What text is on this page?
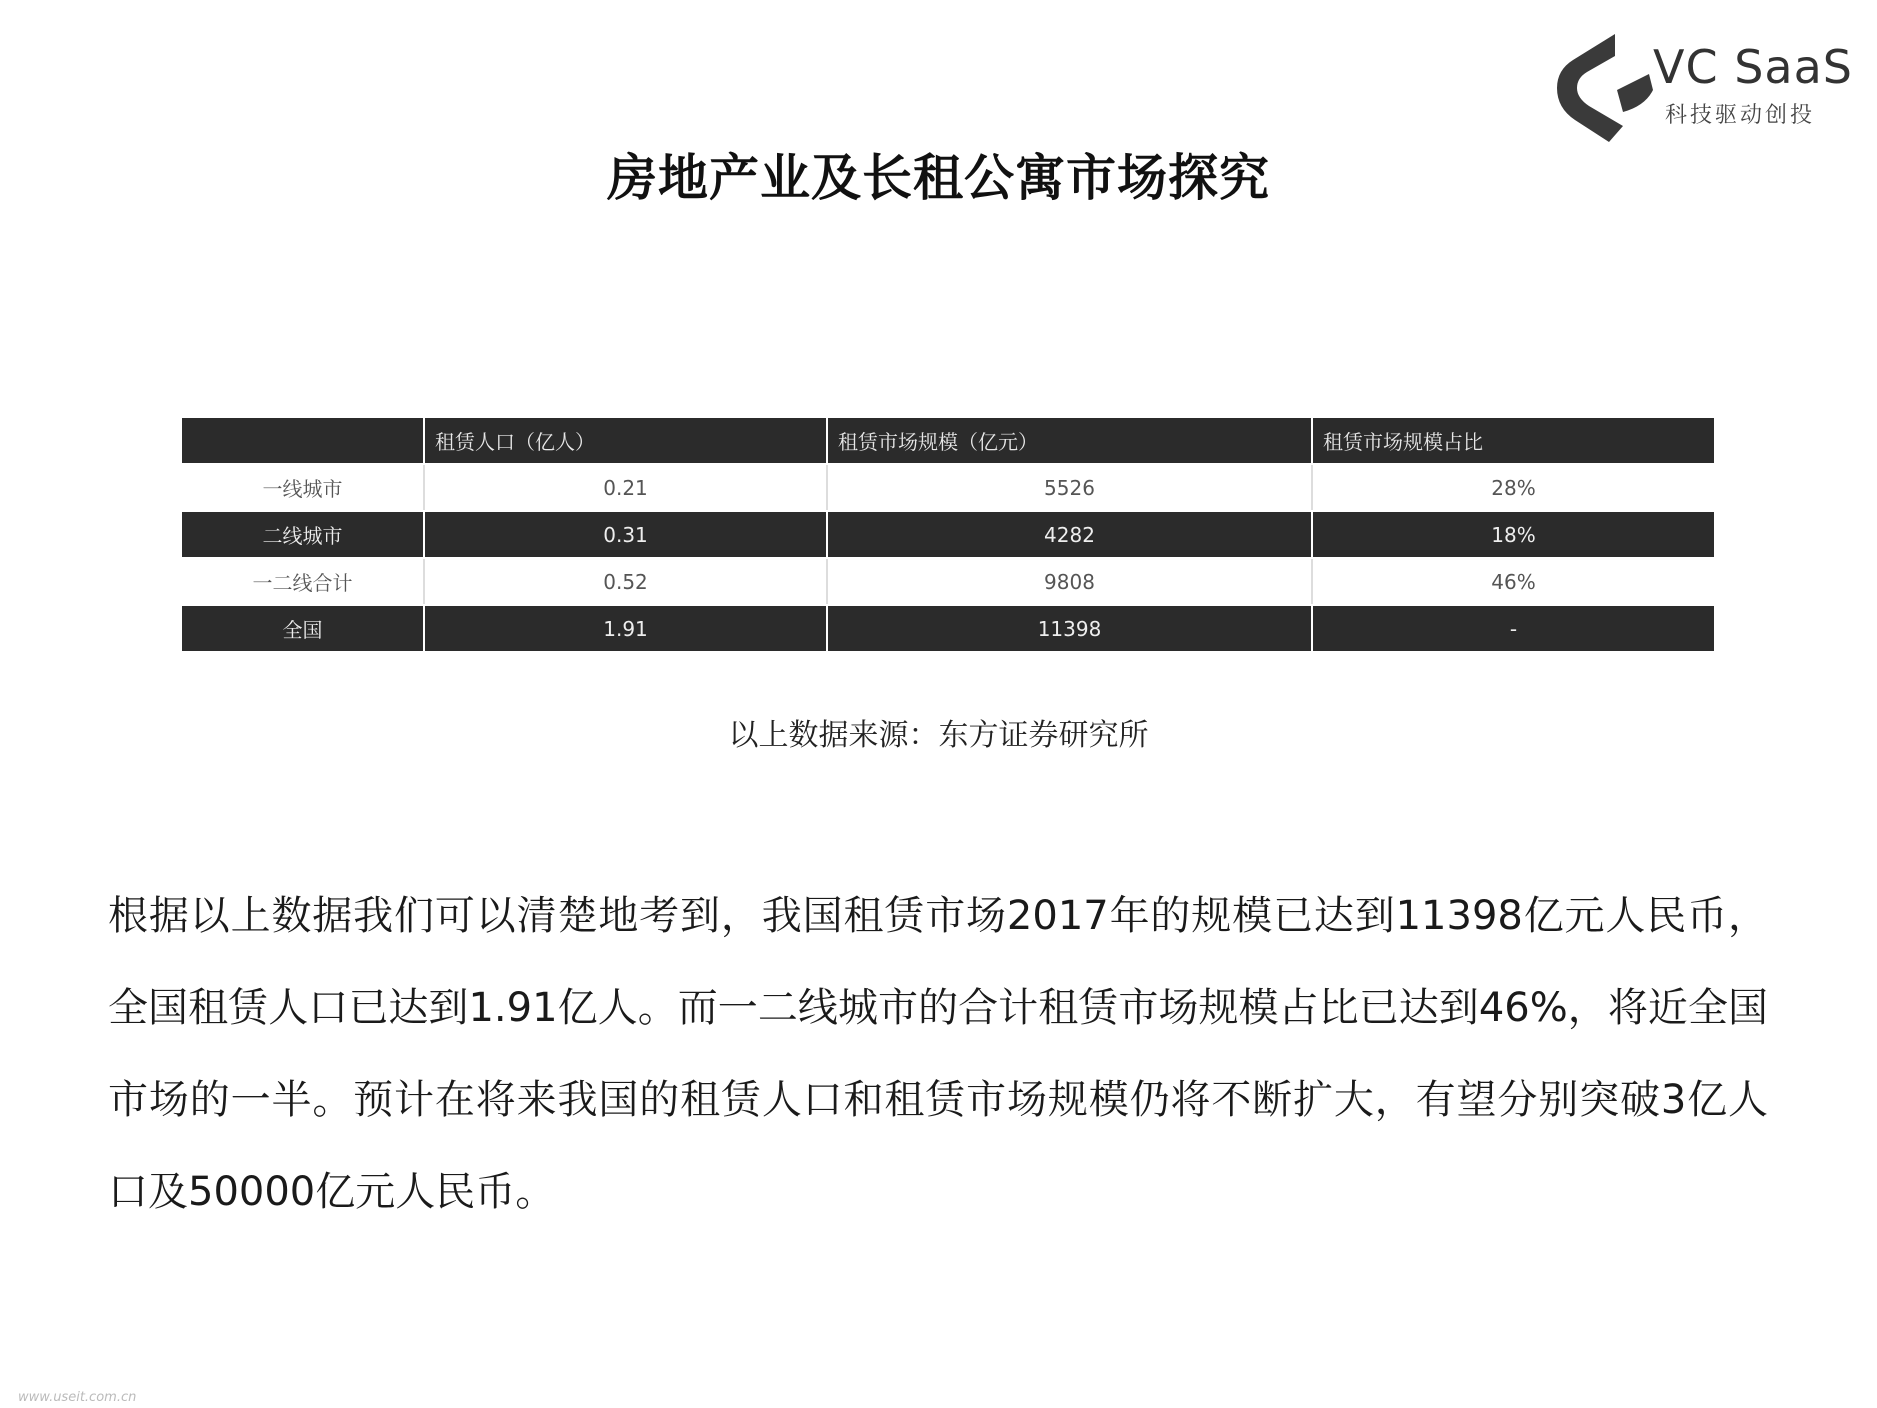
VC SaaS
科技驱动创投
房地产业及长租公寓市场探究
	租赁人口（亿人）	租赁市场规模（亿元）	租赁市场规模占比
一线城市	0.21	5526	28%
二线城市	0.31	4282	18%
一二线合计	0.52	9808	46%
全国	1.91	11398	-

以上数据来源：东方证券研究所

根据以上数据我们可以清楚地考到，我国租赁市场2017年的规模已达到11398亿元人民币，全国租赁人口已达到1.91亿人。而一二线城市的合计租赁市场规模占比已达到46%，将近全国市场的一半。预计在将来我国的租赁人口和租赁市场规模仍将不断扩大，有望分别突破3亿人口及50000亿元人民币。

www.useit.com.cn
